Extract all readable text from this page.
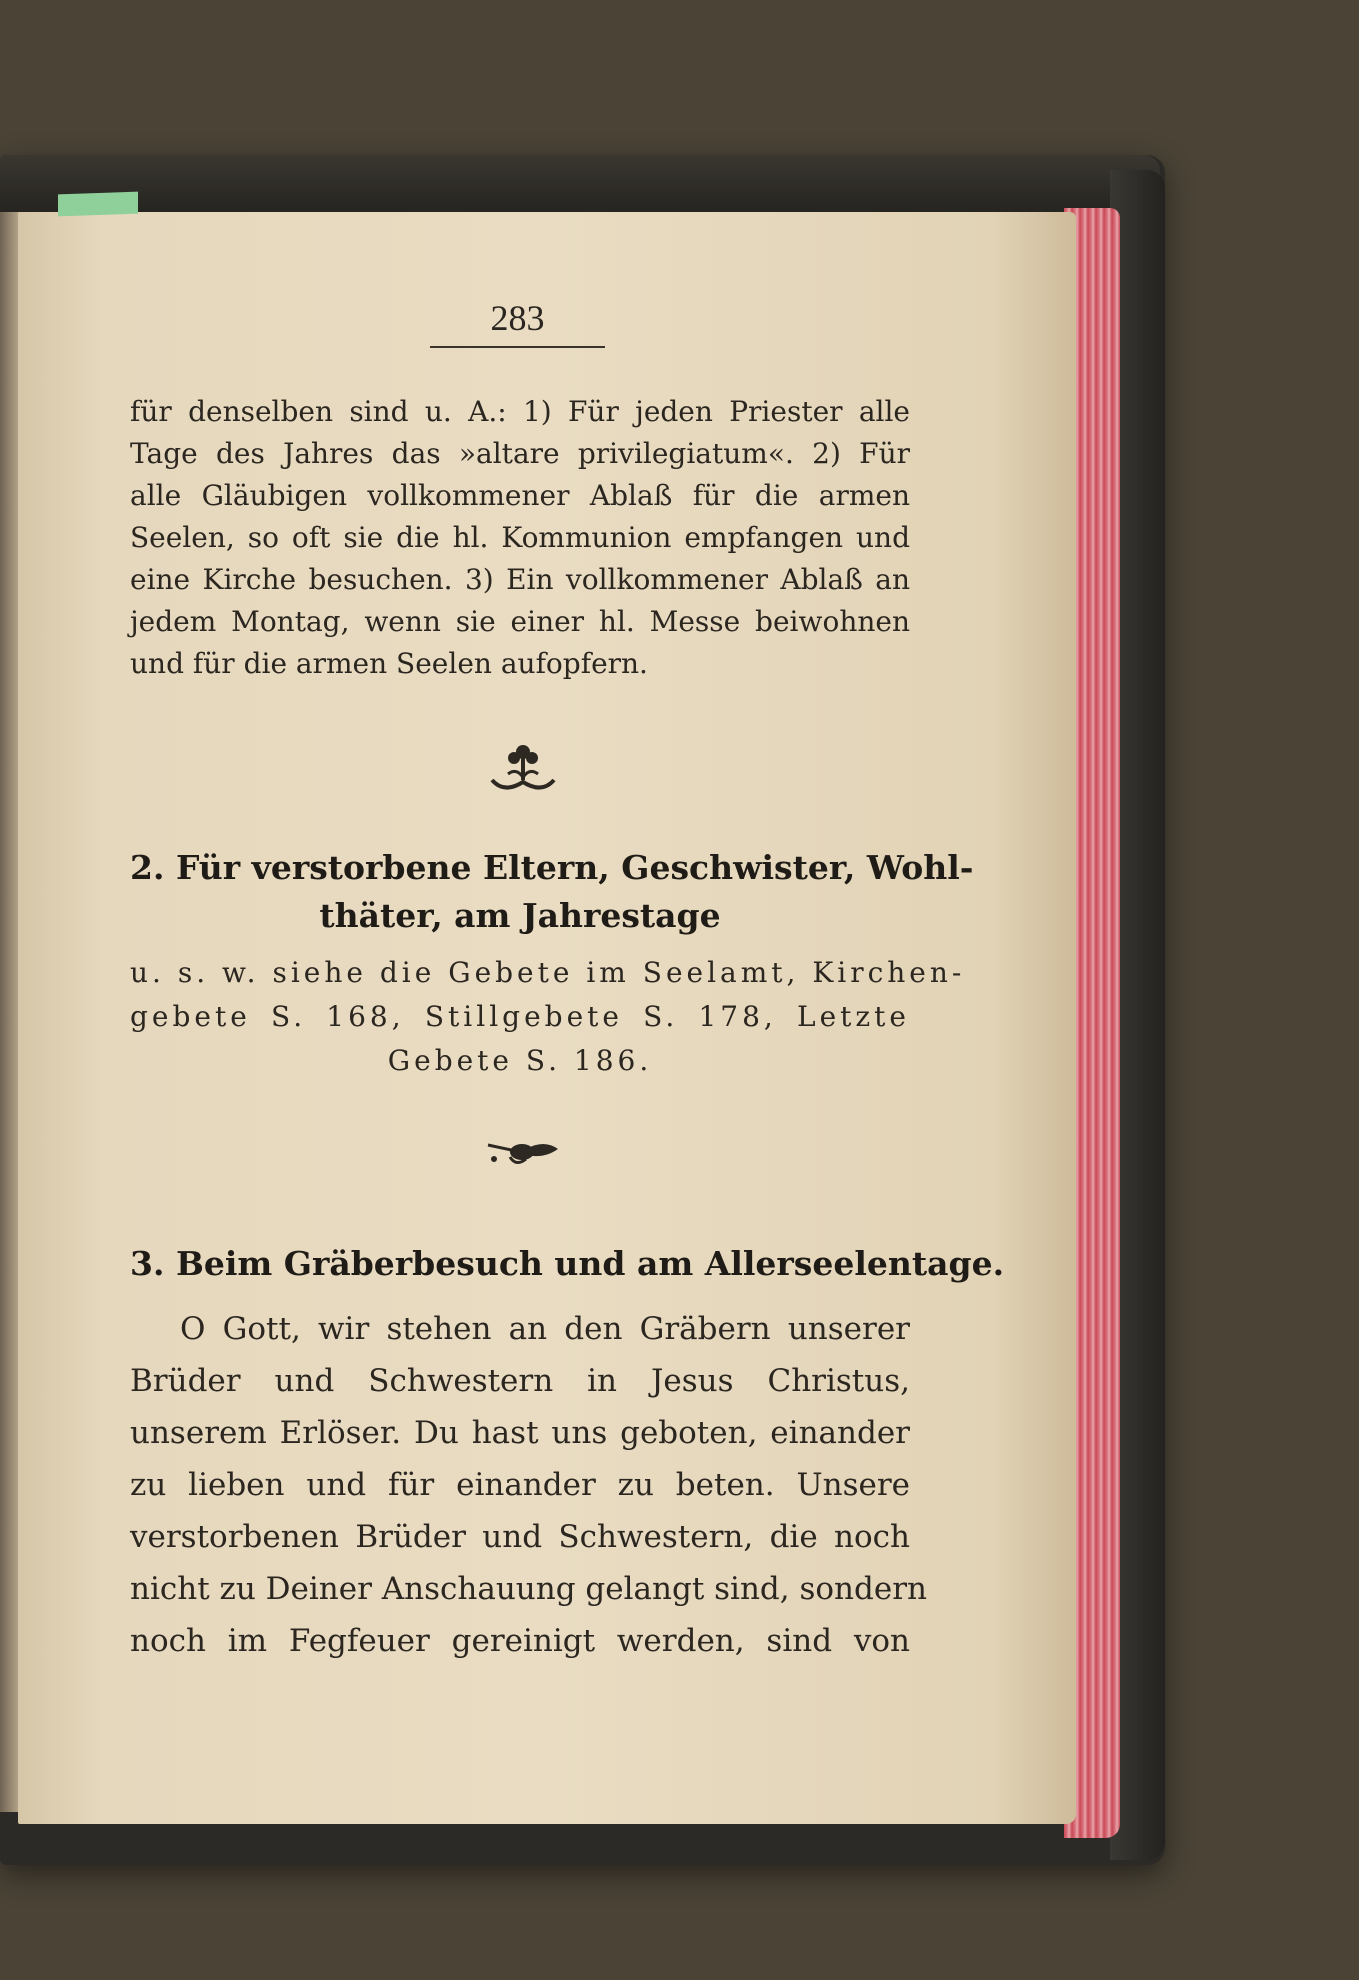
283
für denselben sind u. A.: 1) Für jeden Priester alle
Tage des Jahres das »altare privilegiatum«. 2) Für
alle Gläubigen vollkommener Ablaß für die armen
Seelen, so oft sie die hl. Kommunion empfangen und
eine Kirche besuchen. 3) Ein vollkommener Ablaß an
jedem Montag, wenn sie einer hl. Messe beiwohnen
und für die armen Seelen aufopfern.
2. Für verstorbene Eltern, Geschwister, Wohl-
thäter, am Jahrestage
u. s. w. siehe die Gebete im Seelamt, Kirchen-
gebete S. 168, Stillgebete S. 178, Letzte
Gebete S. 186.
3. Beim Gräberbesuch und am Allerseelentage.
O Gott, wir stehen an den Gräbern unserer
Brüder und Schwestern in Jesus Christus,
unserem Erlöser. Du hast uns geboten, einander
zu lieben und für einander zu beten. Unsere
verstorbenen Brüder und Schwestern, die noch
nicht zu Deiner Anschauung gelangt sind, sondern
noch im Fegfeuer gereinigt werden, sind von
